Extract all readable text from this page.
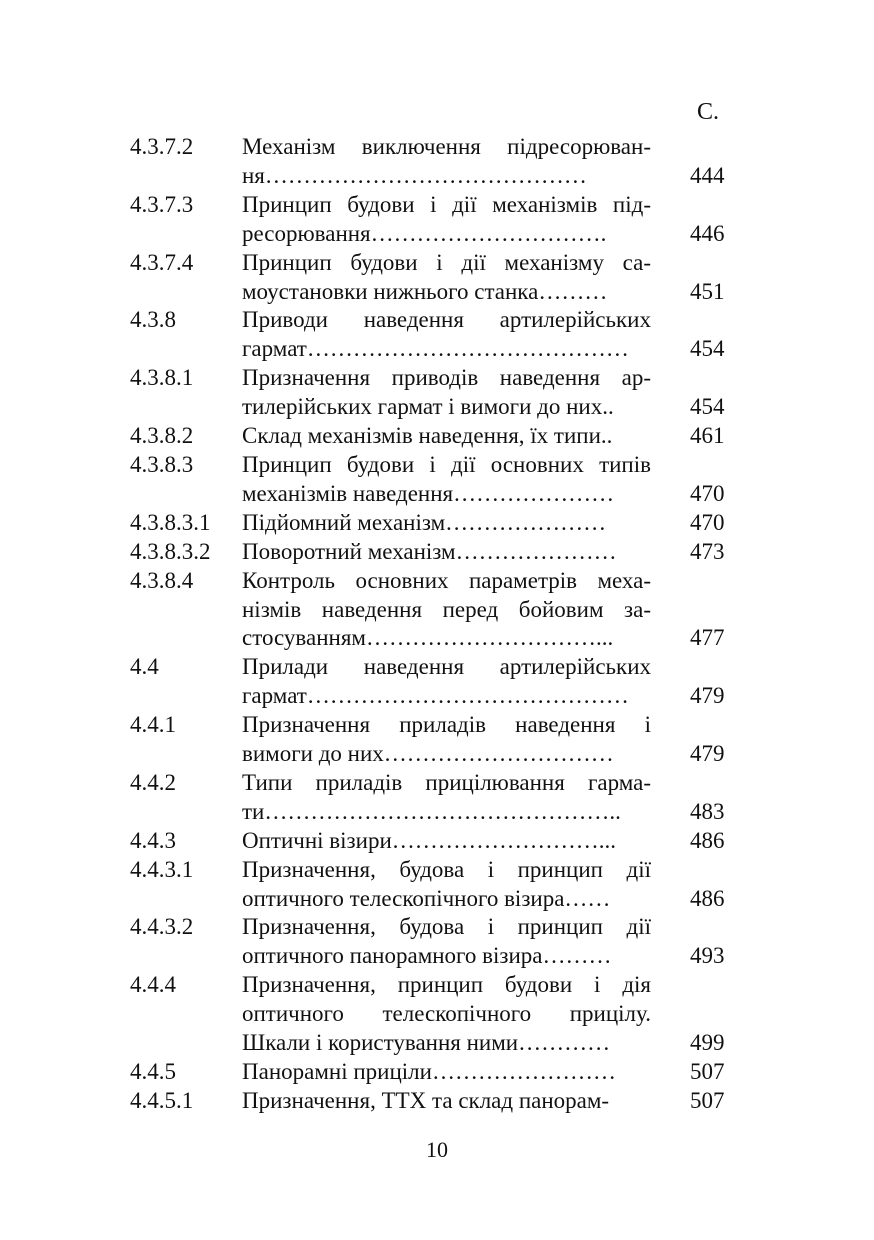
С.
4.3.7.2 Механізм виключення підресорюван-
ня……………………………………	444
4.3.7.3 Принцип будови і дії механізмів під-
ресорювання………………………….	446
4.3.7.4 Принцип будови і дії механізму са-
моустановки нижнього станка………	451
4.3.8	Приводи наведення артилерійських
гармат……………………………………	454
4.3.8.1 Призначення приводів наведення ар-
тилерійських гармат і вимоги до них..	454
4.3.8.2 Склад механізмів наведення, їх типи..	461
4.3.8.3 Принцип будови і дії основних типів
механізмів наведення…………………	470
4.3.8.3.1 Підйомний механізм…………………	470
4.3.8.3.2 Поворотний механізм…………………	473
4.3.8.4 Контроль основних параметрів меха-
нізмів наведення перед бойовим за-
стосуванням…………………………...	477
4.4	Прилади наведення артилерійських
гармат……………………………………	479
4.4.1	Призначення приладів наведення і
вимоги до них…………………………	479
4.4.2	Типи приладів прицілювання гарма-
ти………………………………………..	483
4.4.3	Оптичні візири………………………...	486
4.4.3.1 Призначення, будова і принцип дії
оптичного телескопічного візира……	486
4.4.3.2 Призначення, будова і принцип дії
оптичного панорамного візира………	493
4.4.4	Призначення, принцип будови і дія
оптичного телескопічного прицілу.
Шкали і користування ними…………	499
4.4.5	Панорамні приціли……………………	507
4.4.5.1 Призначення, ТТХ та склад панорам-	507
10
